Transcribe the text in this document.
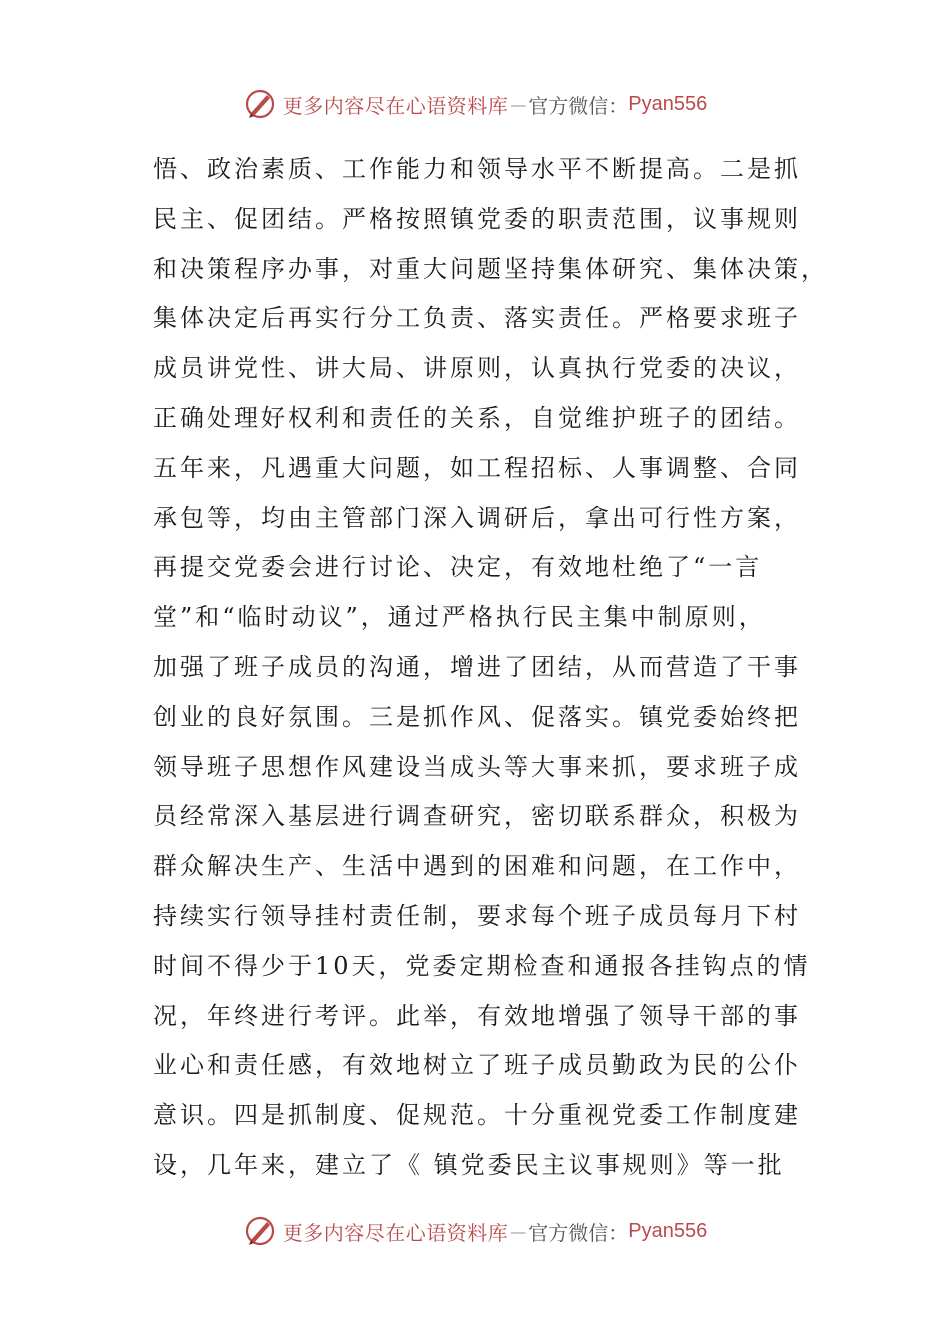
更多内容尽在心语资料库 — 官方微信： Pyan556
悟、政治素质、工作能力和领导水平不断提高。二是抓
民主、促团结。严格按照镇党委的职责范围，议事规则
和决策程序办事，对重大问题坚持集体研究、集体决策，
集体决定后再实行分工负责、落实责任。严格要求班子
成员讲党性、讲大局、讲原则，认真执行党委的决议，
正确处理好权利和责任的关系，自觉维护班子的团结。
五年来，凡遇重大问题，如工程招标、人事调整、合同
承包等，均由主管部门深入调研后，拿出可行性方案，
再提交党委会进行讨论、决定，有效地杜绝了“一言
堂”和“临时动议”，通过严格执行民主集中制原则，
加强了班子成员的沟通，增进了团结，从而营造了干事
创业的良好氛围。三是抓作风、促落实。镇党委始终把
领导班子思想作风建设当成头等大事来抓，要求班子成
员经常深入基层进行调查研究，密切联系群众，积极为
群众解决生产、生活中遇到的困难和问题，在工作中，
持续实行领导挂村责任制，要求每个班子成员每月下村
时间不得少于10天，党委定期检查和通报各挂钩点的情
况，年终进行考评。此举，有效地增强了领导干部的事
业心和责任感，有效地树立了班子成员勤政为民的公仆
意识。四是抓制度、促规范。十分重视党委工作制度建
设，几年来，建立了《 镇党委民主议事规则》等一批
更多内容尽在心语资料库 — 官方微信： Pyan556
